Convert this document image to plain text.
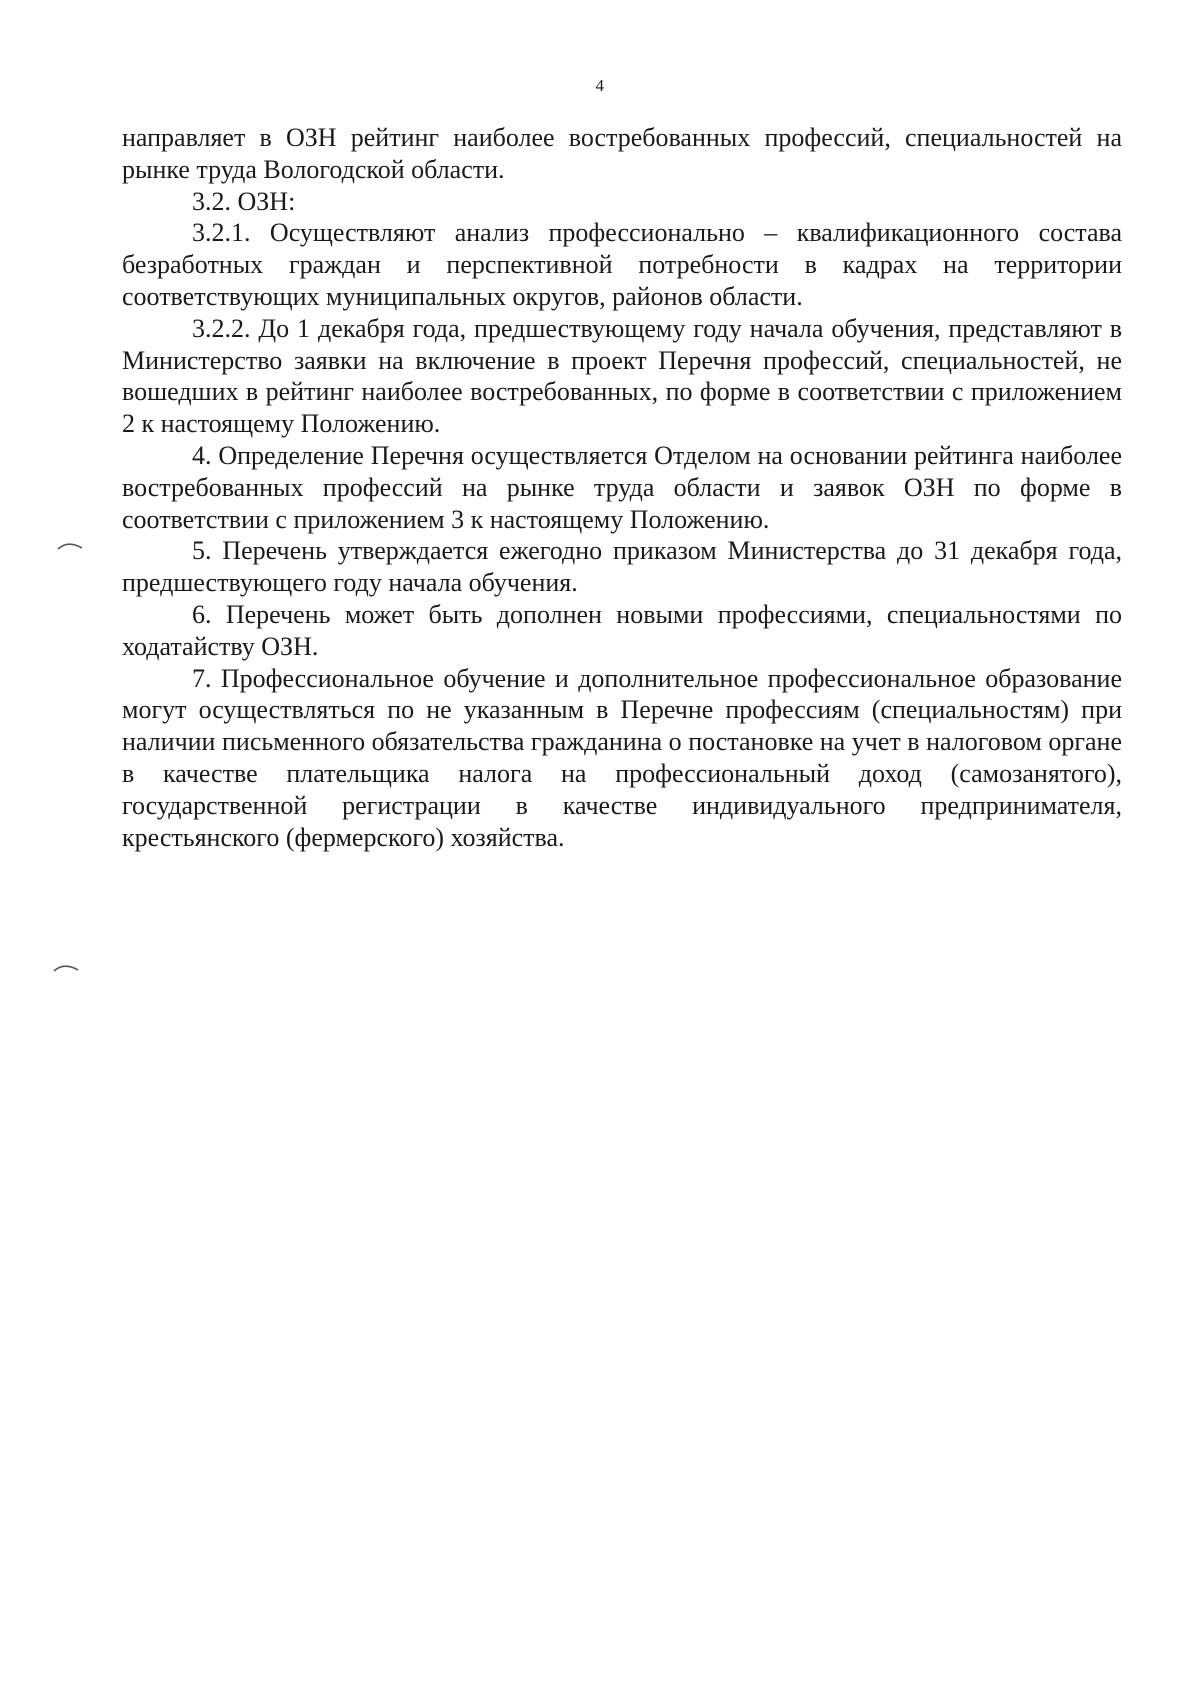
4

направляет в ОЗН рейтинг наиболее востребованных профессий, специальностей на рынке труда Вологодской области.

3.2. ОЗН:

3.2.1. Осуществляют анализ профессионально – квалификационного состава безработных граждан и перспективной потребности в кадрах на территории соответствующих муниципальных округов, районов области.

3.2.2. До 1 декабря года, предшествующему году начала обучения, представляют в Министерство заявки на включение в проект Перечня профессий, специальностей, не вошедших в рейтинг наиболее востребованных, по форме в соответствии с приложением 2 к настоящему Положению.

4. Определение Перечня осуществляется Отделом на основании рейтинга наиболее востребованных профессий на рынке труда области и заявок ОЗН по форме в соответствии с приложением 3 к настоящему Положению.

5. Перечень утверждается ежегодно приказом Министерства до 31 декабря года, предшествующего году начала обучения.

6. Перечень может быть дополнен новыми профессиями, специальностями по ходатайству ОЗН.

7. Профессиональное обучение и дополнительное профессиональное образование могут осуществляться по не указанным в Перечне профессиям (специальностям) при наличии письменного обязательства гражданина о постановке на учет в налоговом органе в качестве плательщика налога на профессиональный доход (самозанятого), государственной регистрации в качестве индивидуального предпринимателя, крестьянского (фермерского) хозяйства.
